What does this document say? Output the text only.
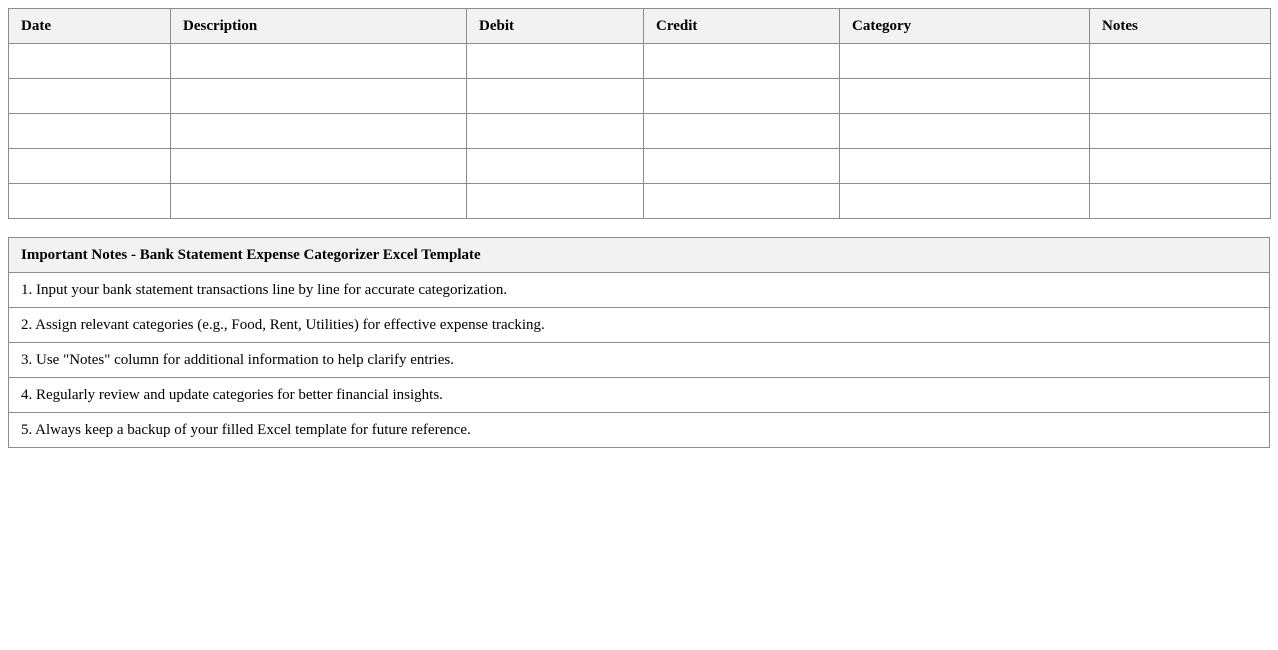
Date	Description	Debit	Credit	Category	Notes

Important Notes - Bank Statement Expense Categorizer Excel Template
1. Input your bank statement transactions line by line for accurate categorization.
2. Assign relevant categories (e.g., Food, Rent, Utilities) for effective expense tracking.
3. Use "Notes" column for additional information to help clarify entries.
4. Regularly review and update categories for better financial insights.
5. Always keep a backup of your filled Excel template for future reference.
